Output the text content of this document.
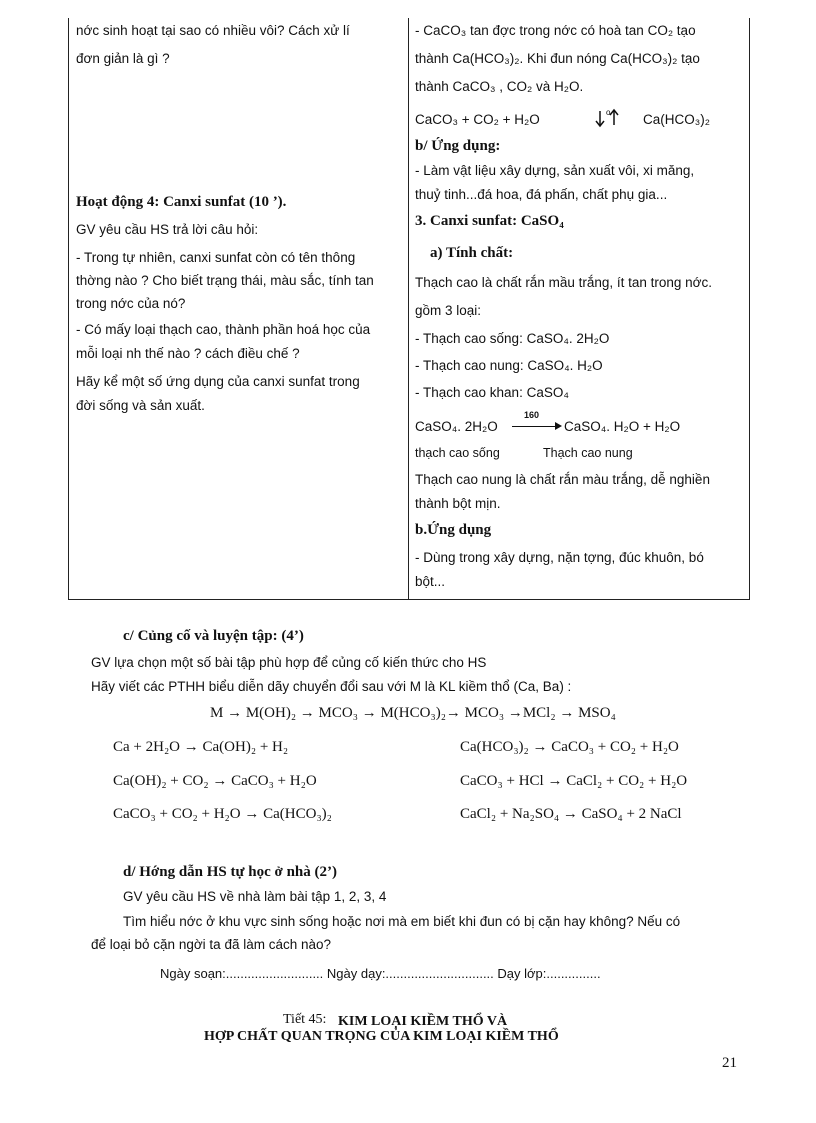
nớc sinh hoạt tại sao có nhiều vôi? Cách xử lí
đơn giản là gì ?
Hoạt động 4: Canxi sunfat (10 ’).
GV yêu cầu HS trả lời câu hỏi:
- Trong tự nhiên, canxi sunfat còn có tên thông
thờng nào ? Cho biết trạng thái, màu sắc, tính tan
trong nớc của nó?
- Có mấy loại thạch cao, thành phần hoá học của
mỗi loại nh thế nào ? cách điều chế ?
Hãy kể một số ứng dụng của canxi sunfat trong
đời sống và sản xuất.
- CaCO₃ tan đợc trong nớc có hoà tan CO₂ tạo
thành Ca(HCO₃)₂. Khi đun nóng Ca(HCO₃)₂ tạo
thành CaCO₃ , CO₂ và H₂O.
CaCO₃ + CO₂ + H₂O	o Ca(HCO₃)₂
b/ Ứng dụng:
- Làm vật liệu xây dựng, sản xuất vôi, xi măng,
thuỷ tinh...đá hoa, đá phấn, chất phụ gia...
3. Canxi sunfat: CaSO₄
a) Tính chất:
Thạch cao là chất rắn mầu trắng, ít tan trong nớc.
gồm 3 loại:
- Thạch cao sống: CaSO₄. 2H₂O
- Thạch cao nung: CaSO₄. H₂O
- Thạch cao khan: CaSO₄
CaSO₄. 2H₂O
160
CaSO₄. H₂O + H₂O
thạch cao sống	Thạch cao nung
Thạch cao nung là chất rắn màu trắng, dễ nghiền
thành bột mịn.
b.Ứng dụng
- Dùng trong xây dựng, nặn tợng, đúc khuôn, bó
bột...
c/ Củng cố và luyện tập: (4’)
GV lựa chọn một số bài tập phù hợp để củng cố kiến thức cho HS
Hãy viết các PTHH biểu diễn dãy chuyển đổi sau với M là KL kiềm thổ (Ca, Ba) :
M → M(OH)₂ → MCO₃ → M(HCO₃)₂→ MCO₃ →MCl₂ → MSO₄
Ca + 2H₂O → Ca(OH)₂ + H₂
Ca(OH)₂ + CO₂ → CaCO₃ + H₂O
CaCO₃ + CO₂ + H₂O → Ca(HCO₃)₂
Ca(HCO₃)₂ → CaCO₃ + CO₂ + H₂O
CaCO₃ + HCl → CaCl₂ + CO₂ + H₂O
CaCl₂ + Na₂SO₄ → CaSO₄ + 2 NaCl
d/ Hớng dẫn HS tự học ở nhà (2’)
GV yêu cầu HS về nhà làm bài tập 1, 2, 3, 4
Tìm hiểu nớc ở khu vực sinh sống hoặc nơi mà em biết khi đun có bị cặn hay không? Nếu có
để loại bỏ cặn ngời ta đã làm cách nào?
Ngày soạn:........................... Ngày dạy:.............................. Dạy lớp:...............
Tiết 45: KIM LOẠI KIỀM THỔ VÀ
HỢP CHẤT QUAN TRỌNG CỦA KIM LOẠI KIỀM THỔ
21
